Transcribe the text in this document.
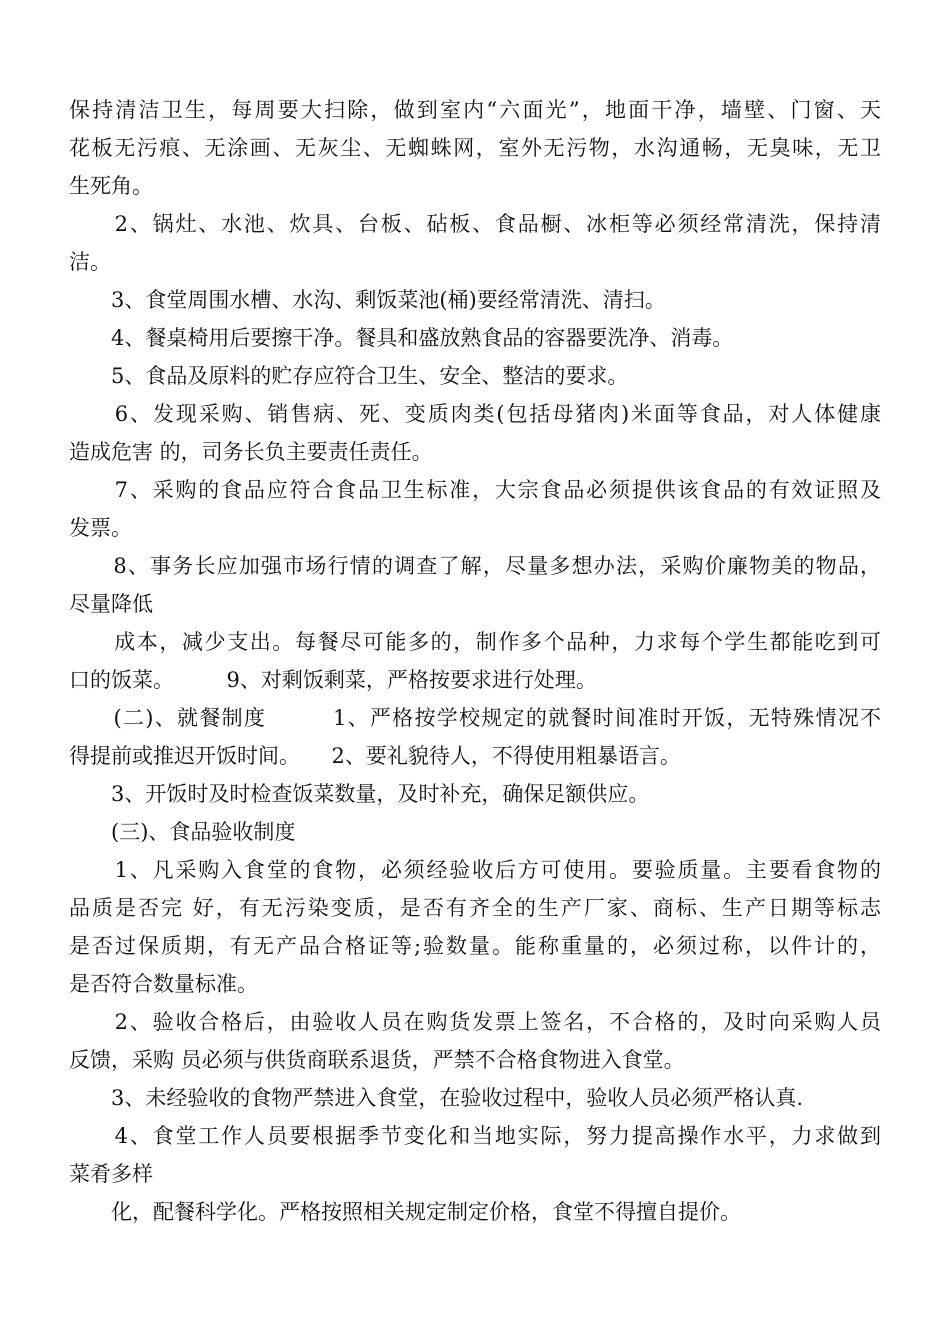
保持清洁卫生，每周要大扫除，做到室内“六面光”，地面干净，墙壁、门窗、天
花板无污痕、无涂画、无灰尘、无蜘蛛网，室外无污物，水沟通畅，无臭味，无卫
生死角。
　　2、锅灶、水池、炊具、台板、砧板、食品橱、冰柜等必须经常清洗，保持清
洁。
　　3、食堂周围水槽、水沟、剩饭菜池(桶)要经常清洗、清扫。
　　4、餐桌椅用后要擦干净。餐具和盛放熟食品的容器要洗净、消毒。
　　5、食品及原料的贮存应符合卫生、安全、整洁的要求。
　　6、发现采购、销售病、死、变质肉类(包括母猪肉)米面等食品，对人体健康
造成危害 的，司务长负主要责任责任。
　　7、采购的食品应符合食品卫生标准，大宗食品必须提供该食品的有效证照及
发票。
　　8、事务长应加强市场行情的调查了解，尽量多想办法，采购价廉物美的物品，
尽量降低
　　成本，减少支出。每餐尽可能多的，制作多个品种，力求每个学生都能吃到可
口的饭菜。　　　9、对剩饭剩菜，严格按要求进行处理。
　　(二)、就餐制度　　　1、严格按学校规定的就餐时间准时开饭，无特殊情况不
得提前或推迟开饭时间。　　2、要礼貌待人，不得使用粗暴语言。
　　3、开饭时及时检查饭菜数量，及时补充，确保足额供应。
　　(三)、食品验收制度
　　1、凡采购入食堂的食物，必须经验收后方可使用。要验质量。主要看食物的
品质是否完 好，有无污染变质，是否有齐全的生产厂家、商标、生产日期等标志
是否过保质期，有无产品合格证等;验数量。能称重量的，必须过称，以件计的，
是否符合数量标准。
　　2、验收合格后，由验收人员在购货发票上签名，不合格的，及时向采购人员
反馈，采购 员必须与供货商联系退货，严禁不合格食物进入食堂。
　　3、未经验收的食物严禁进入食堂，在验收过程中，验收人员必须严格认真.
　　4、食堂工作人员要根据季节变化和当地实际，努力提高操作水平，力求做到
菜肴多样
　　化，配餐科学化。严格按照相关规定制定价格，食堂不得擅自提价。
